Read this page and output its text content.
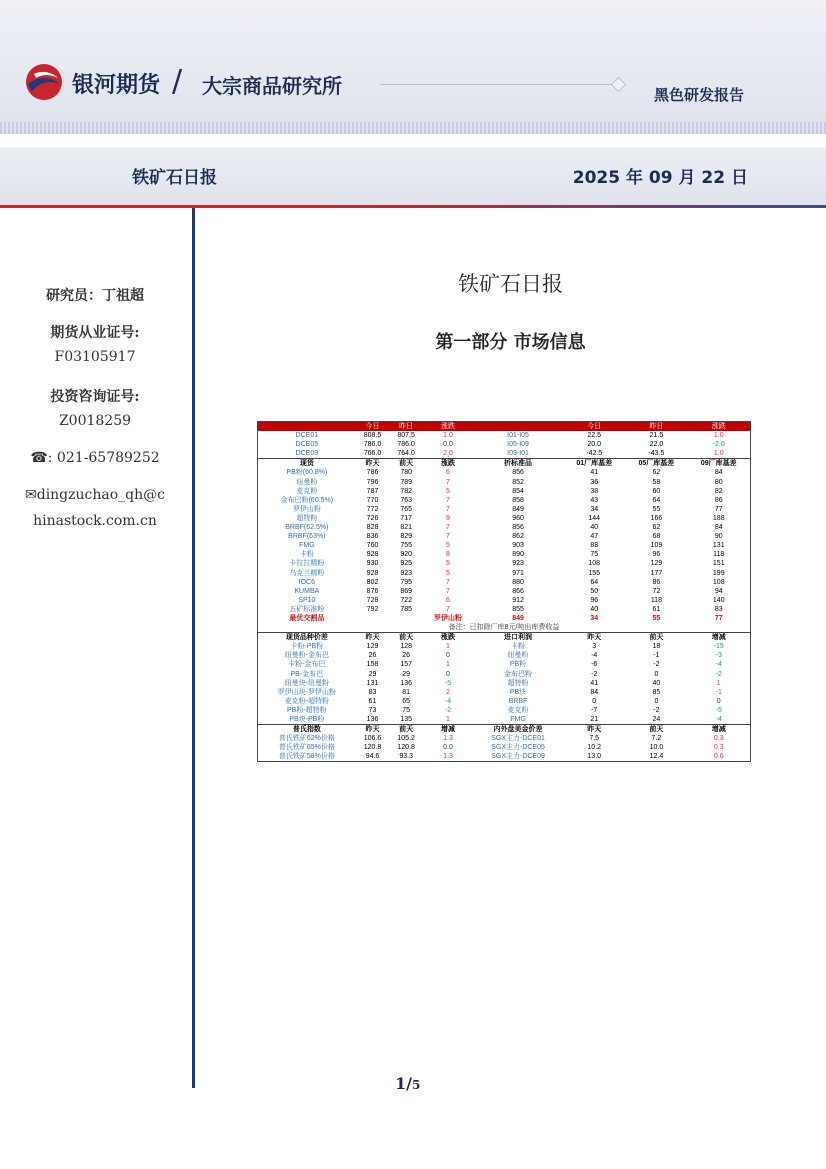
银河期货 / 大宗商品研究所	黑色研发报告
铁矿石日报	2025 年 09 月 22 日
研究员：丁祖超
期货从业证号:
F03105917
投资咨询证号:
Z0018259
☎: 021-65789252
✉dingzuchao_qh@c
hinastock.com.cn
铁矿石日报
第一部分 市场信息
	今日	昨日	涨跌		今日	昨日	涨跌
DCE01	808.5	807.5	1.0	I01-I05	22.5	21.5	1.0
DCE05	786.0	786.0	0.0	I05-I09	20.0	22.0	-2.0
DCE09	766.0	764.0	2.0	I09-I01	-42.5	-43.5	1.0
现货	昨天	前天	涨跌	折标准品	01厂库基差	05厂库基差	09厂库基差
PB粉(60.8%)	786	780	6	856	41	62	84
纽曼粉	796	789	7	852	36	58	80
麦克粉	787	782	5	854	38	60	82
金布巴粉(60.5%)	770	763	7	858	43	64	86
罗伊山粉	772	765	7	849	34	55	77
超特粉	726	717	9	960	144	166	188
BRBF(62.5%)	828	821	7	856	40	62	84
BRBF(63%)	836	829	7	862	47	68	90
FMG	760	755	5	903	88	109	131
卡粉	928	920	8	890	75	96	118
卡拉拉精粉	930	925	5	923	108	129	151
乌克兰精粉	928	923	5	971	155	177	199
IOC6	802	795	7	880	64	86	108
KUMBA	876	869	7	866	50	72	94
SP10	728	722	6	912	96	118	140
五矿标准粉	792	785	7	855	40	61	83
最优交割品			罗伊山粉	849	34	55	77
备注：已扣除厂库8元/吨出库费收益							
现货品种价差	昨天	前天	涨跌	进口利润	昨天	前天	增减
卡粉-PB粉	129	128	1	卡粉	3	18	-15
纽曼粉-金布巴	26	26	0	纽曼粉	-4	-1	-3
卡粉-金布巴	158	157	1	PB粉	-6	-2	-4
PB-金布巴	29	29	0	金布巴粉	-2	0	-2
纽曼块-纽曼粉	131	136	-5	超特粉	41	40	1
罗伊山块-罗伊山粉	83	81	2	PB块	84	85	-1
麦克粉-超特粉	61	65	-4	BRBF	0	0	0
PB粉-超特粉	73	75	-2	麦克粉	-7	-2	-5
PB块-PB粉	136	135	1	FMG	21	24	-4
普氏指数	昨天	前天	增减	内外盘美金价差	昨天	前天	增减
普氏铁矿62%价格	106.6	105.2	1.3	SGX主力-DCE01	7.5	7.2	0.3
普氏铁矿65%价格	120.8	120.8	0.0	SGX主力-DCE05	10.2	10.0	0.3
普氏铁矿58%价格	94.6	93.3	1.3	SGX主力-DCE09	13.0	12.4	0.6
1/5
